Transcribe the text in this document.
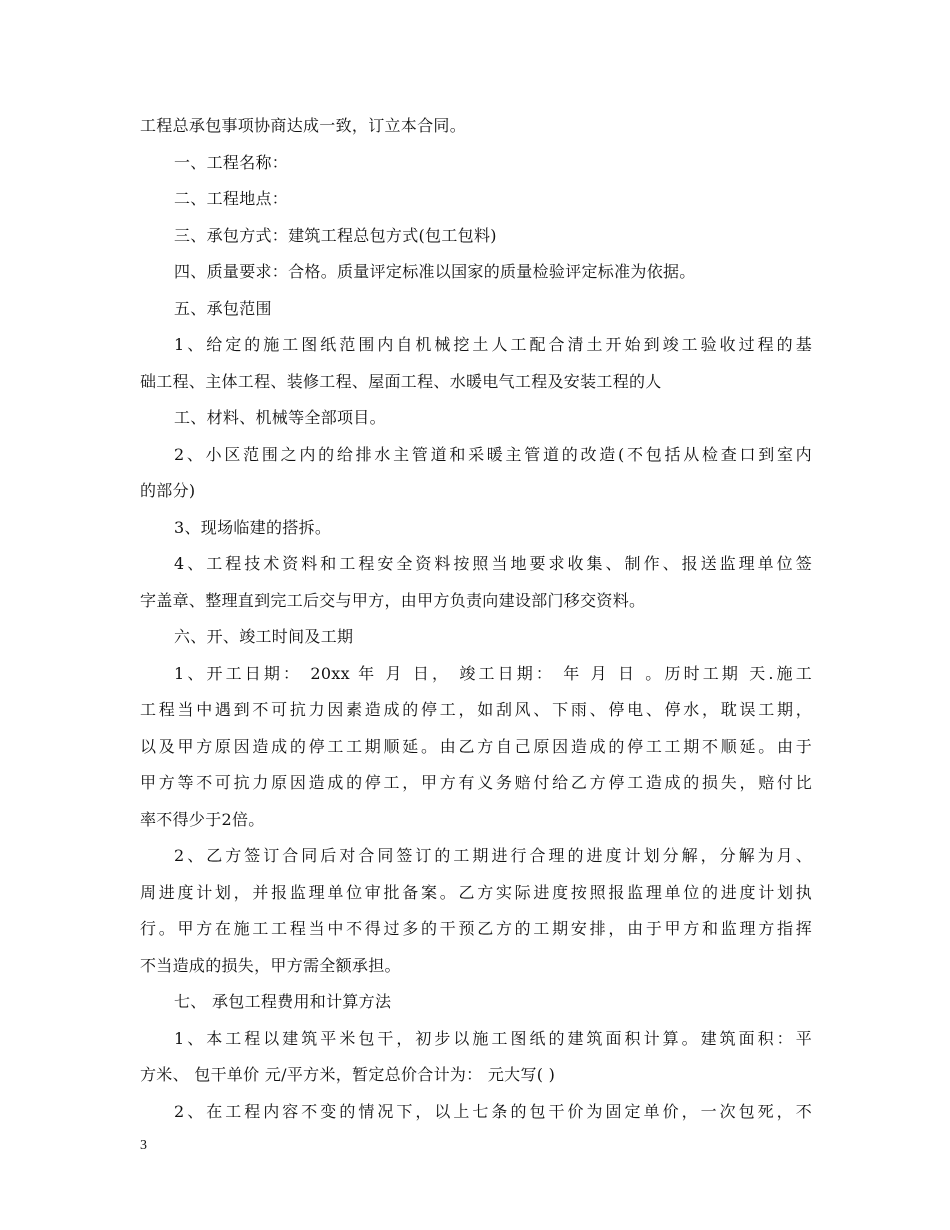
工程总承包事项协商达成一致，订立本合同。
一、工程名称：
二、工程地点：
三、承包方式：建筑工程总包方式(包工包料)
四、质量要求：合格。质量评定标准以国家的质量检验评定标准为依据。
五、承包范围
1、给定的施工图纸范围内自机械挖土人工配合清土开始到竣工验收过程的基
础工程、主体工程、装修工程、屋面工程、水暖电气工程及安装工程的人
工、材料、机械等全部项目。
2、小区范围之内的给排水主管道和采暖主管道的改造(不包括从检查口到室内
的部分)
3、现场临建的搭拆。
4、工程技术资料和工程安全资料按照当地要求收集、制作、报送监理单位签
字盖章、整理直到完工后交与甲方，由甲方负责向建设部门移交资料。
六、开、竣工时间及工期
1、开工日期： 20xx 年 月 日， 竣工日期： 年 月 日 。历时工期 天.施工
工程当中遇到不可抗力因素造成的停工，如刮风、下雨、停电、停水，耽误工期，
以及甲方原因造成的停工工期顺延。由乙方自己原因造成的停工工期不顺延。由于
甲方等不可抗力原因造成的停工，甲方有义务赔付给乙方停工造成的损失，赔付比
率不得少于2倍。
2、乙方签订合同后对合同签订的工期进行合理的进度计划分解，分解为月、
周进度计划，并报监理单位审批备案。乙方实际进度按照报监理单位的进度计划执
行。甲方在施工工程当中不得过多的干预乙方的工期安排，由于甲方和监理方指挥
不当造成的损失，甲方需全额承担。
七、 承包工程费用和计算方法
1、本工程以建筑平米包干，初步以施工图纸的建筑面积计算。建筑面积：平
方米、 包干单价 元/平方米，暂定总价合计为： 元大写( )
2、在工程内容不变的情况下，以上七条的包干价为固定单价，一次包死，不
3
